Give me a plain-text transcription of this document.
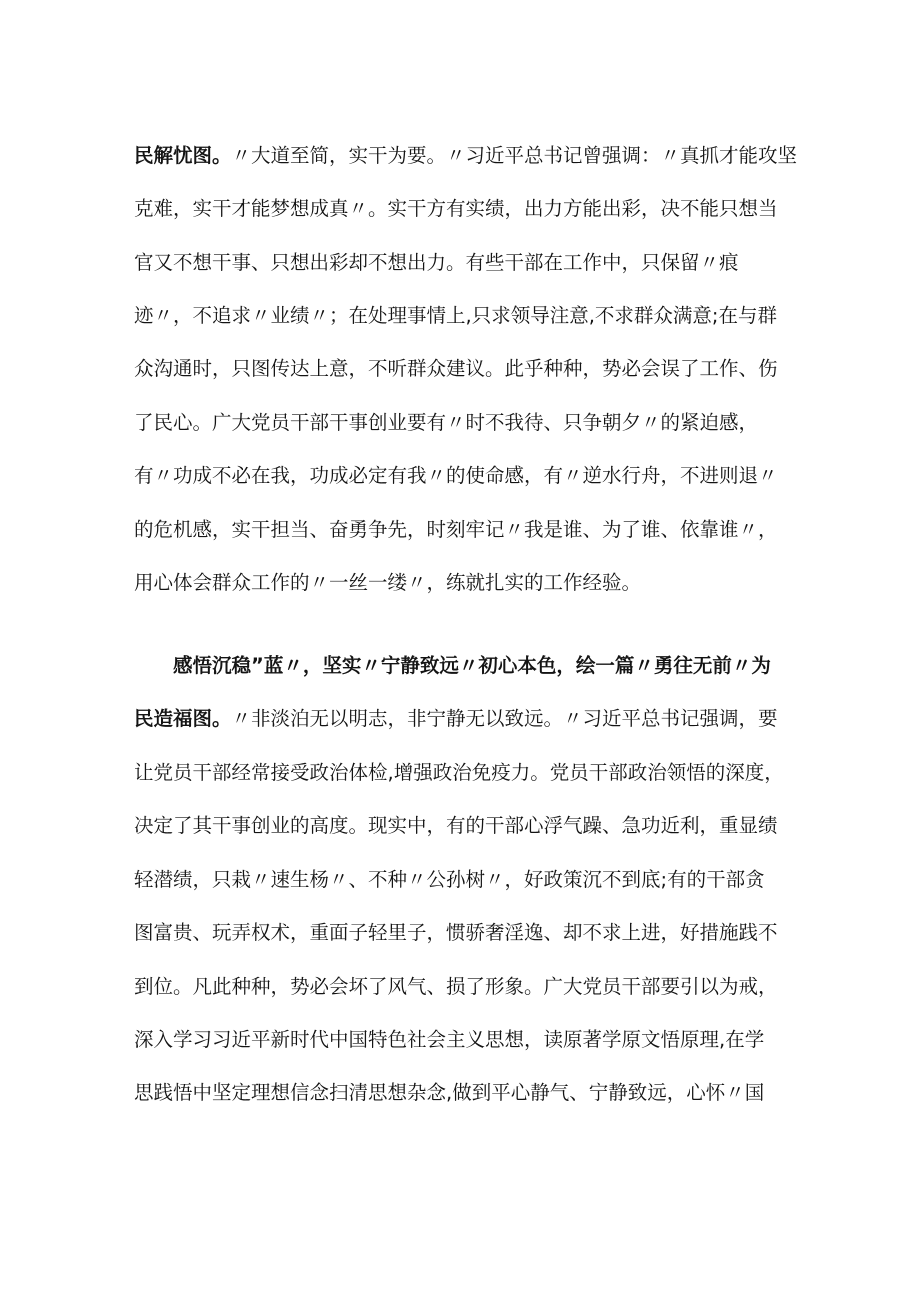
民解忧图。〃大道至简，实干为要。〃习近平总书记曾强调：〃真抓才能攻坚
克难，实干才能梦想成真〃。实干方有实绩，出力方能出彩，决不能只想当
官又不想干事、只想出彩却不想出力。有些干部在工作中，只保留〃痕
迹〃，不追求〃业绩〃；在处理事情上,只求领导注意,不求群众满意;在与群
众沟通时，只图传达上意，不听群众建议。此乎种种，势必会误了工作、伤
了民心。广大党员干部干事创业要有〃时不我待、只争朝夕〃的紧迫感，
有〃功成不必在我，功成必定有我〃的使命感，有〃逆水行舟，不进则退〃
的危机感，实干担当、奋勇争先，时刻牢记〃我是谁、为了谁、依靠谁〃，
用心体会群众工作的〃一丝一缕〃，练就扎实的工作经验。
感悟沉稳”蓝〃，坚实〃宁静致远〃初心本色，绘一篇〃勇往无前〃为
民造福图。〃非淡泊无以明志，非宁静无以致远。〃习近平总书记强调，要
让党员干部经常接受政治体检,增强政治免疫力。党员干部政治领悟的深度，
决定了其干事创业的高度。现实中，有的干部心浮气躁、急功近利，重显绩
轻潜绩，只栽〃速生杨〃、不种〃公孙树〃，好政策沉不到底;有的干部贪
图富贵、玩弄权术，重面子轻里子，惯骄奢淫逸、却不求上进，好措施践不
到位。凡此种种，势必会坏了风气、损了形象。广大党员干部要引以为戒，
深入学习习近平新时代中国特色社会主义思想，读原著学原文悟原理,在学
思践悟中坚定理想信念扫清思想杂念,做到平心静气、宁静致远，心怀〃国
